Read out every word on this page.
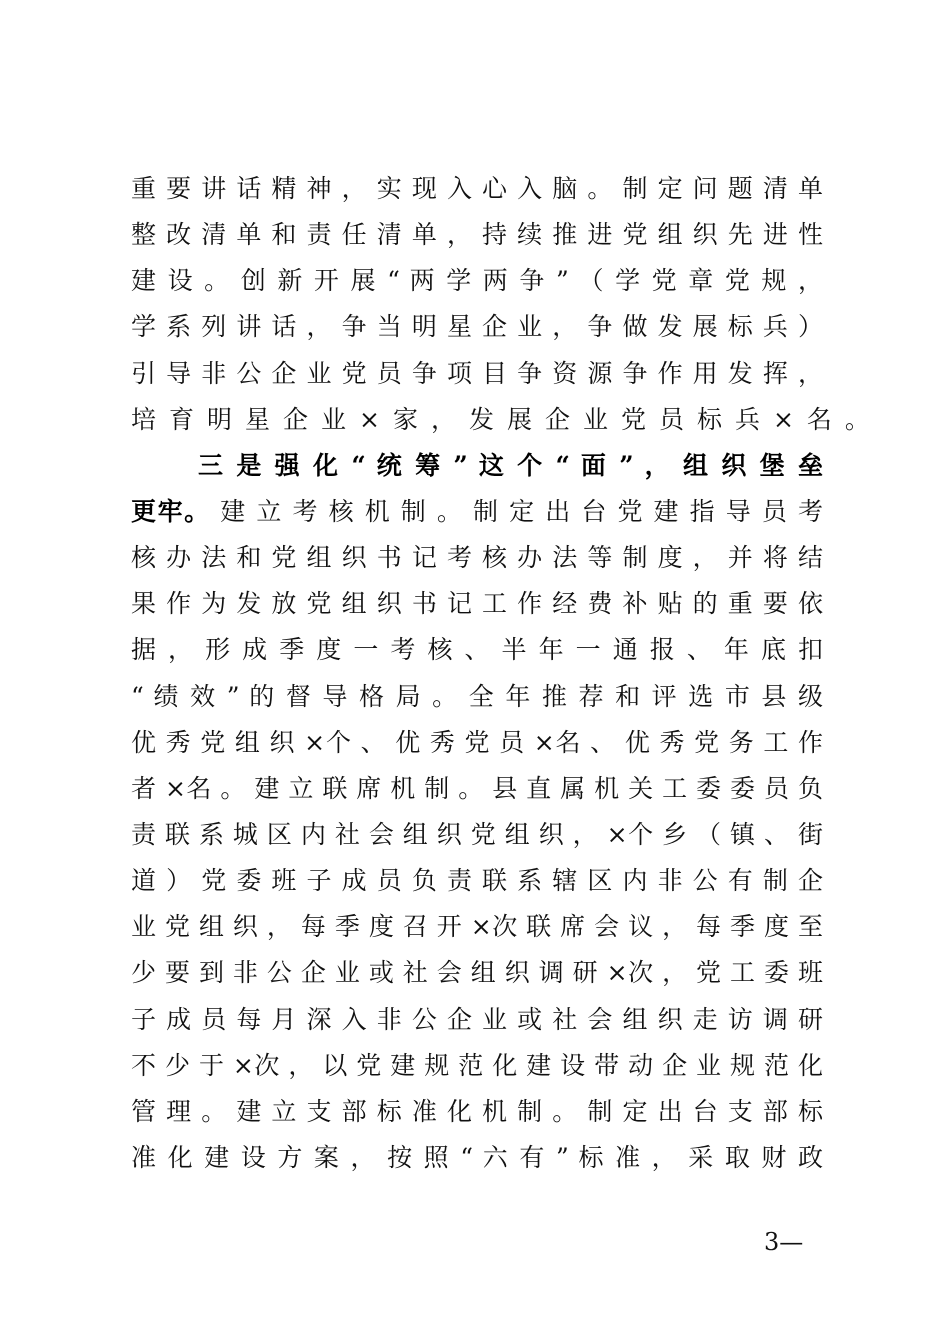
重 要 讲 话 精 神 ， 实 现 入 心 入 脑 。 制 定 问 题 清 单
整 改 清 单 和 责 任 清 单 ， 持 续 推 进 党 组 织 先 进 性
建 设 。 创 新 开 展 “ 两 学 两 争 ” （ 学 党 章 党 规 ，
学 系 列 讲 话 ， 争 当 明 星 企 业 ， 争 做 发 展 标 兵 ）
引 导 非 公 企 业 党 员 争 项 目 争 资 源 争 作 用 发 挥 ，
培育明星企业×家，发展企业党员标兵×名。
三 是 强 化 “ 统 筹 ” 这 个 “ 面 ” ， 组 织 堡 垒
更牢。 建 立 考 核 机 制 。 制 定 出 台 党 建 指 导 员 考
核 办 法 和 党 组 织 书 记 考 核 办 法 等 制 度 ， 并 将 结
果 作 为 发 放 党 组 织 书 记 工 作 经 费 补 贴 的 重 要 依
据 ， 形 成 季 度 一 考 核 、 半 年 一 通 报 、 年 底 扣
“ 绩 效 ” 的 督 导 格 局 。 全 年 推 荐 和 评 选 市 县 级
优 秀 党 组 织 ×个 、 优 秀 党 员 ×名 、 优 秀 党 务 工 作
者 ×名 。 建 立 联 席 机 制 。 县 直 属 机 关 工 委 委 员 负
责 联 系 城 区 内 社 会 组 织 党 组 织 ， ×个 乡 （ 镇 、 街
道 ） 党 委 班 子 成 员 负 责 联 系 辖 区 内 非 公 有 制 企
业 党 组 织 ， 每 季 度 召 开 ×次 联 席 会 议 ， 每 季 度 至
少 要 到 非 公 企 业 或 社 会 组 织 调 研 ×次 ， 党 工 委 班
子 成 员 每 月 深 入 非 公 企 业 或 社 会 组 织 走 访 调 研
不 少 于 ×次 ， 以 党 建 规 范 化 建 设 带 动 企 业 规 范 化
管 理 。 建 立 支 部 标 准 化 机 制 。 制 定 出 台 支 部 标
准 化 建 设 方 案 ， 按 照 “ 六 有 ” 标 准 ， 采 取 财 政
3—
